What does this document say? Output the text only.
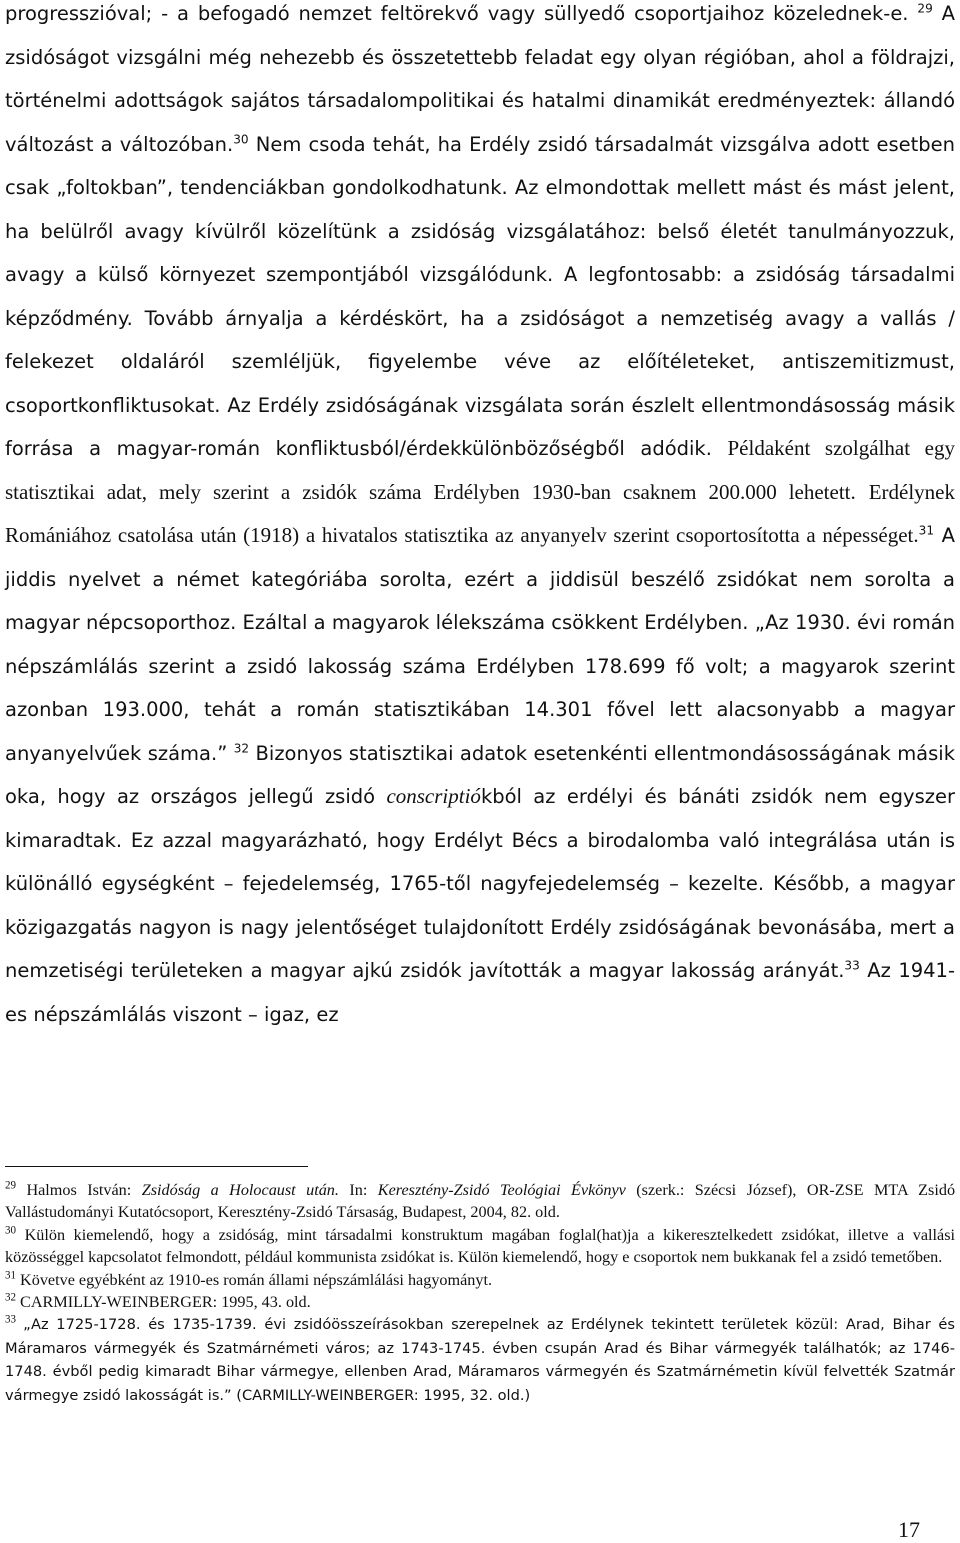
progresszióval; - a befogadó nemzet feltörekvő vagy süllyedő csoportjaihoz közelednek-e. $^{29}$ A zsidóságot vizsgálni még nehezebb és összetettebb feladat egy olyan régióban, ahol a földrajzi, történelmi adottságok sajátos társadalompolitikai és hatalmi dinamikát eredményeztek: állandó változást a változóban.$^{30}$ Nem csoda tehát, ha Erdély zsidó társadalmát vizsgálva adott esetben csak „foltokban”, tendenciákban gondolkodhatunk. Az elmondottak mellett mást és mást jelent, ha belülről avagy kívülről közelítünk a zsidóság vizsgálatához: belső életét tanulmányozzuk, avagy a külső környezet szempontjából vizsgálódunk. A legfontosabb: a zsidóság társadalmi képződmény. Tovább árnyalja a kérdéskört, ha a zsidóságot a nemzetiség avagy a vallás / felekezet oldaláról szemléljük, figyelembe véve az előítéleteket, antiszemitizmust, csoportkonfliktusokat. Az Erdély zsidóságának vizsgálata során észlelt ellentmondásosság másik forrása a magyar-román konfliktusból/érdekkülönbözőségből adódik. Példaként szolgálhat egy statisztikai adat, mely szerint a zsidók száma Erdélyben 1930-ban csaknem 200.000 lehetett. Erdélynek Romániához csatolása után (1918) a hivatalos statisztika az anyanyelv szerint csoportosította a népességet.$^{31}$ A jiddis nyelvet a német kategóriába sorolta, ezért a jiddisül beszélő zsidókat nem sorolta a magyar népcsoporthoz. Ezáltal a magyarok lélekszáma csökkent Erdélyben. „Az 1930. évi román népszámlálás szerint a zsidó lakosság száma Erdélyben 178.699 fő volt; a magyarok szerint azonban 193.000, tehát a román statisztikában 14.301 fővel lett alacsonyabb a magyar anyanyelvűek száma.” $^{32}$ Bizonyos statisztikai adatok esetenkénti ellentmondásosságának másik oka, hogy az országos jellegű zsidó conscriptiókból az erdélyi és bánáti zsidók nem egyszer kimaradtak. Ez azzal magyarázható, hogy Erdélyt Bécs a birodalomba való integrálása után is különálló egységként – fejedelemség, 1765-től nagyfejedelemség – kezelte. Később, a magyar közigazgatás nagyon is nagy jelentőséget tulajdonított Erdély zsidóságának bevonásába, mert a nemzetiségi területeken a magyar ajkú zsidók javították a magyar lakosság arányát.$^{33}$ Az 1941-es népszámlálás viszont – igaz, ez

$^{29}$ Halmos István: Zsidóság a Holocaust után. In: Keresztény-Zsidó Teológiai Évkönyv (szerk.: Szécsi József), OR-ZSE MTA Zsidó Vallástudományi Kutatócsoport, Keresztény-Zsidó Társaság, Budapest, 2004, 82. old.

$^{30}$ Külön kiemelendő, hogy a zsidóság, mint társadalmi konstruktum magában foglal(hat)ja a kikeresztelkedett zsidókat, illetve a vallási közösséggel kapcsolatot felmondott, például kommunista zsidókat is. Külön kiemelendő, hogy e csoportok nem bukkanak fel a zsidó temetőben.

$^{31}$ Követve egyébként az 1910-es román állami népszámlálási hagyományt.

$^{32}$ CARMILLY-WEINBERGER: 1995, 43. old.

$^{33}$ „Az 1725-1728. és 1735-1739. évi zsidóösszeírásokban szerepelnek az Erdélynek tekintett területek közül: Arad, Bihar és Máramaros vármegyék és Szatmárnémeti város; az 1743-1745. évben csupán Arad és Bihar vármegyék találhatók; az 1746-1748. évből pedig kimaradt Bihar vármegye, ellenben Arad, Máramaros vármegyén és Szatmárnémetin kívül felvették Szatmár vármegye zsidó lakosságát is.” (CARMILLY-WEINBERGER: 1995, 32. old.)

17
